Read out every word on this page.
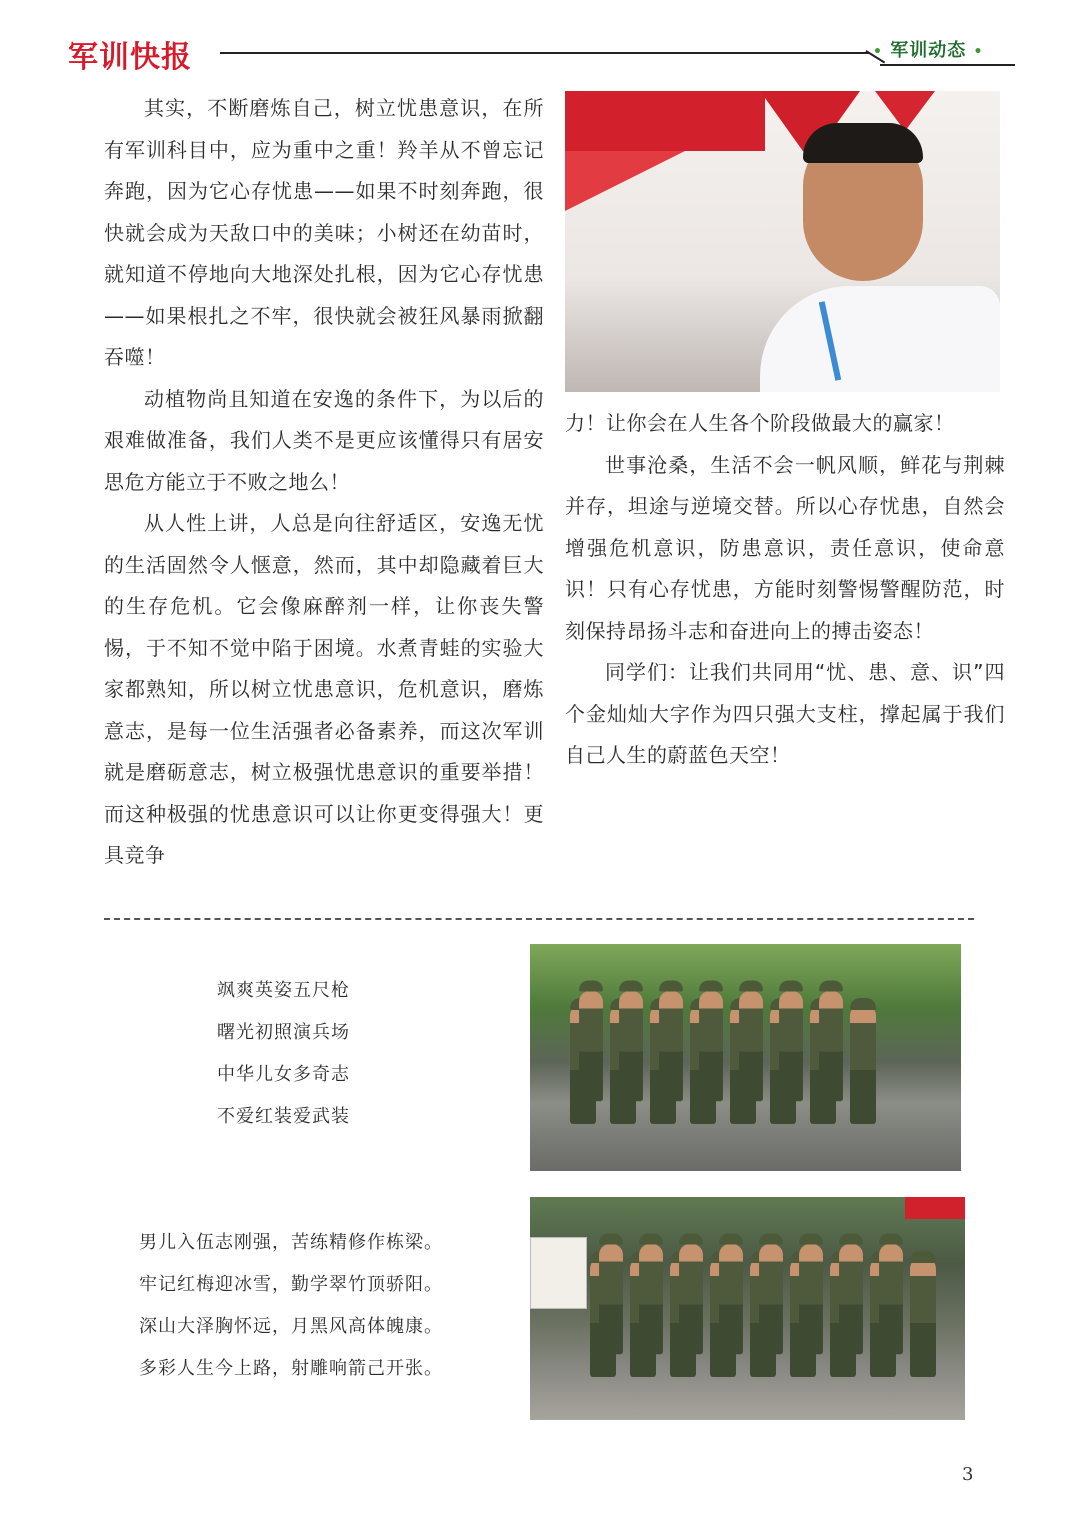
军训快报	• 军训动态 •

其实，不断磨炼自己，树立忧患意识，在所有军训科目中，应为重中之重！羚羊从不曾忘记奔跑，因为它心存忧患——如果不时刻奔跑，很快就会成为天敌口中的美味；小树还在幼苗时，就知道不停地向大地深处扎根，因为它心存忧患——如果根扎之不牢，很快就会被狂风暴雨掀翻吞噬！

动植物尚且知道在安逸的条件下，为以后的艰难做准备，我们人类不是更应该懂得只有居安思危方能立于不败之地么！

从人性上讲，人总是向往舒适区，安逸无忧的生活固然令人惬意，然而，其中却隐藏着巨大的生存危机。它会像麻醉剂一样，让你丧失警惕，于不知不觉中陷于困境。水煮青蛙的实验大家都熟知，所以树立忧患意识，危机意识，磨炼意志，是每一位生活强者必备素养，而这次军训就是磨砺意志，树立极强忧患意识的重要举措！而这种极强的忧患意识可以让你更变得强大！更具竞争

力！让你会在人生各个阶段做最大的赢家！

世事沧桑，生活不会一帆风顺，鲜花与荆棘并存，坦途与逆境交替。所以心存忧患，自然会增强危机意识，防患意识，责任意识，使命意识！只有心存忧患，方能时刻警惕警醒防范，时刻保持昂扬斗志和奋进向上的搏击姿态！

同学们：让我们共同用“忧、患、意、识”四个金灿灿大字作为四只强大支柱，撑起属于我们自己人生的蔚蓝色天空！

飒爽英姿五尺枪

曙光初照演兵场

中华儿女多奇志

不爱红装爱武装

男儿入伍志刚强，苦练精修作栋梁。

牢记红梅迎冰雪，勤学翠竹顶骄阳。

深山大泽胸怀远，月黑风高体魄康。

多彩人生今上路，射雕响箭己开张。

3
